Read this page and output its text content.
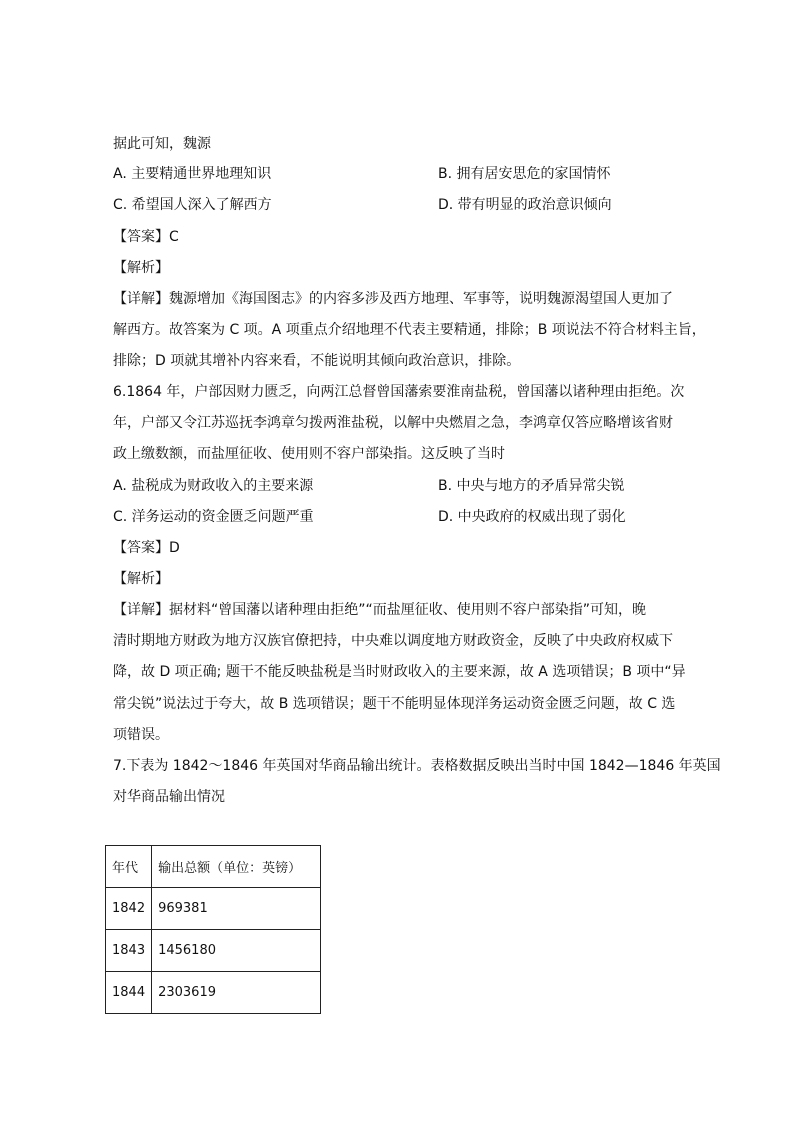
据此可知，魏源
A. 主要精通世界地理知识	B. 拥有居安思危的家国情怀
C. 希望国人深入了解西方	D. 带有明显的政治意识倾向
【答案】C
【解析】
【详解】魏源增加《海国图志》的内容多涉及西方地理、军事等，说明魏源渴望国人更加了
解西方。故答案为 C 项。A 项重点介绍地理不代表主要精通，排除；B 项说法不符合材料主旨，
排除；D 项就其增补内容来看，不能说明其倾向政治意识，排除。
6.1864 年，户部因财力匮乏，向两江总督曾国藩索要淮南盐税，曾国藩以诸种理由拒绝。次
年，户部又令江苏巡抚李鸿章匀拨两淮盐税，以解中央燃眉之急，李鸿章仅答应略增该省财
政上缴数额，而盐厘征收、使用则不容户部染指。这反映了当时
A. 盐税成为财政收入的主要来源	B. 中央与地方的矛盾异常尖锐
C. 洋务运动的资金匮乏问题严重	D. 中央政府的权威出现了弱化
【答案】D
【解析】
【详解】据材料“曾国藩以诸种理由拒绝”“而盐厘征收、使用则不容户部染指”可知，晚
清时期地方财政为地方汉族官僚把持，中央难以调度地方财政资金，反映了中央政府权威下
降，故 D 项正确; 题干不能反映盐税是当时财政收入的主要来源，故 A 选项错误；B 项中“异
常尖锐”说法过于夸大，故 B 选项错误；题干不能明显体现洋务运动资金匮乏问题，故 C 选
项错误。
7.下表为 1842～1846 年英国对华商品输出统计。表格数据反映出当时中国 1842—1846 年英国
对华商品输出情况
年代	输出总额（单位：英镑）
1842	969381
1843	1456180
1844	2303619
